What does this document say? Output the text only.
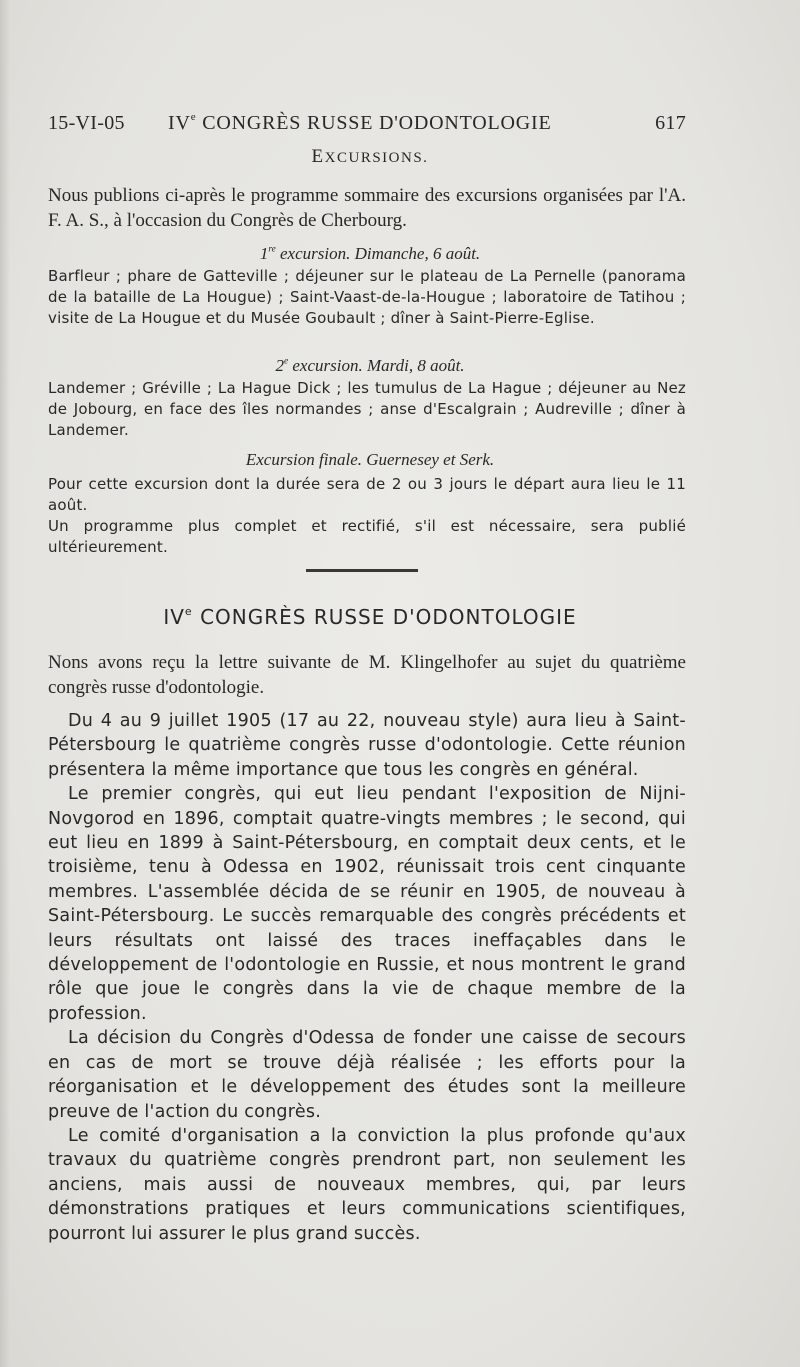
15-VI-05 IVe CONGRÈS RUSSE D'ODONTOLOGIE	617
EXCURSIONS.
Nous publions ci-après le programme sommaire des excursions organisées par l'A. F. A. S., à l'occasion du Congrès de Cherbourg.
1re excursion. Dimanche, 6 août.
Barfleur ; phare de Gatteville ; déjeuner sur le plateau de La Pernelle (panorama de la bataille de La Hougue) ; Saint-Vaast-de-la-Hougue ; laboratoire de Tatihou ; visite de La Hougue et du Musée Goubault ; dîner à Saint-Pierre-Eglise.
2e excursion. Mardi, 8 août.
Landemer ; Gréville ; La Hague Dick ; les tumulus de La Hague ; déjeuner au Nez de Jobourg, en face des îles normandes ; anse d'Escalgrain ; Audreville ; dîner à Landemer.
Excursion finale. Guernesey et Serk.

Pour cette excursion dont la durée sera de 2 ou 3 jours le départ aura lieu le 11 août.

Un programme plus complet et rectifié, s'il est nécessaire, sera publié ultérieurement.

IVe CONGRÈS RUSSE D'ODONTOLOGIE
Nons avons reçu la lettre suivante de M. Klingelhofer au sujet du quatrième congrès russe d'odontologie.

Du 4 au 9 juillet 1905 (17 au 22, nouveau style) aura lieu à Saint-Pétersbourg le quatrième congrès russe d'odontologie. Cette réunion présentera la même importance que tous les congrès en général.

Le premier congrès, qui eut lieu pendant l'exposition de Nijni-Novgorod en 1896, comptait quatre-vingts membres ; le second, qui eut lieu en 1899 à Saint-Pétersbourg, en comptait deux cents, et le troisième, tenu à Odessa en 1902, réunissait trois cent cinquante membres. L'assemblée décida de se réunir en 1905, de nouveau à Saint-Pétersbourg. Le succès remarquable des congrès précédents et leurs résultats ont laissé des traces ineffaçables dans le développement de l'odontologie en Russie, et nous montrent le grand rôle que joue le congrès dans la vie de chaque membre de la profession.

La décision du Congrès d'Odessa de fonder une caisse de secours en cas de mort se trouve déjà réalisée ; les efforts pour la réorganisation et le développement des études sont la meilleure preuve de l'action du congrès.

Le comité d'organisation a la conviction la plus profonde qu'aux travaux du quatrième congrès prendront part, non seulement les anciens, mais aussi de nouveaux membres, qui, par leurs démonstrations pratiques et leurs communications scientifiques, pourront lui assurer le plus grand succès.
